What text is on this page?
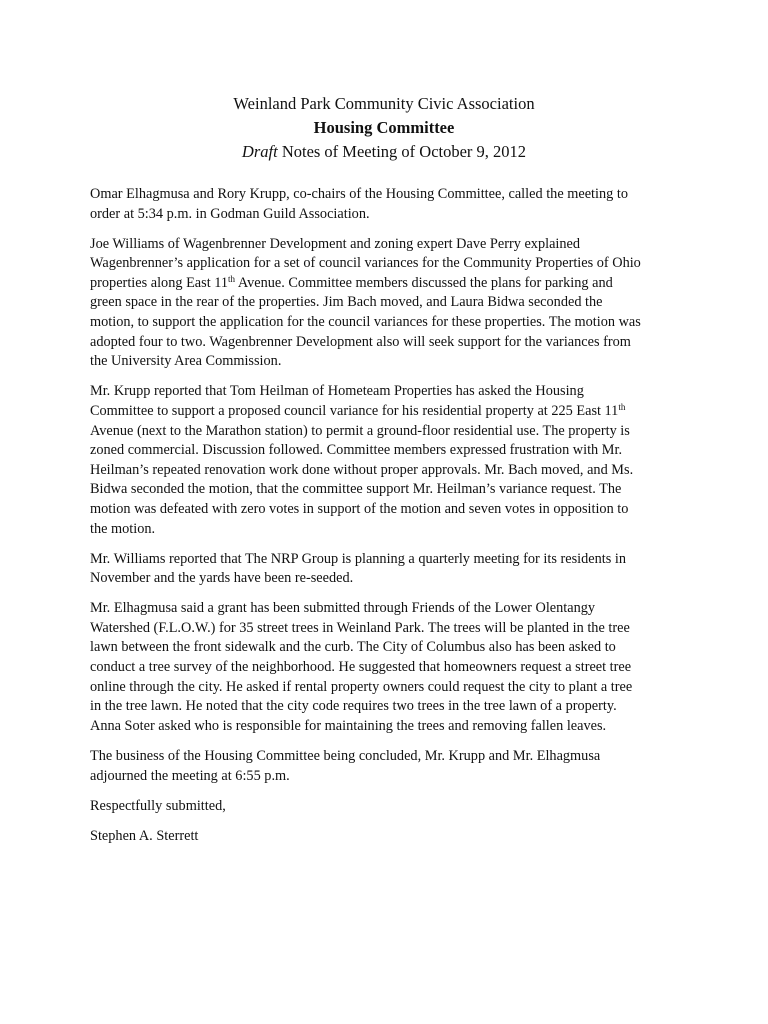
Weinland Park Community Civic Association
Housing Committee
Draft Notes of Meeting of October 9, 2012

Omar Elhagmusa and Rory Krupp, co-chairs of the Housing Committee, called the meeting to
order at 5:34 p.m. in Godman Guild Association.

Joe Williams of Wagenbrenner Development and zoning expert Dave Perry explained
Wagenbrenner’s application for a set of council variances for the Community Properties of Ohio
properties along East 11th Avenue. Committee members discussed the plans for parking and
green space in the rear of the properties. Jim Bach moved, and Laura Bidwa seconded the
motion, to support the application for the council variances for these properties. The motion was
adopted four to two. Wagenbrenner Development also will seek support for the variances from
the University Area Commission.

Mr. Krupp reported that Tom Heilman of Hometeam Properties has asked the Housing
Committee to support a proposed council variance for his residential property at 225 East 11th
Avenue (next to the Marathon station) to permit a ground-floor residential use. The property is
zoned commercial. Discussion followed. Committee members expressed frustration with Mr.
Heilman’s repeated renovation work done without proper approvals. Mr. Bach moved, and Ms.
Bidwa seconded the motion, that the committee support Mr. Heilman’s variance request. The
motion was defeated with zero votes in support of the motion and seven votes in opposition to
the motion.

Mr. Williams reported that The NRP Group is planning a quarterly meeting for its residents in
November and the yards have been re-seeded.

Mr. Elhagmusa said a grant has been submitted through Friends of the Lower Olentangy
Watershed (F.L.O.W.) for 35 street trees in Weinland Park. The trees will be planted in the tree
lawn between the front sidewalk and the curb. The City of Columbus also has been asked to
conduct a tree survey of the neighborhood. He suggested that homeowners request a street tree
online through the city. He asked if rental property owners could request the city to plant a tree
in the tree lawn. He noted that the city code requires two trees in the tree lawn of a property.
Anna Soter asked who is responsible for maintaining the trees and removing fallen leaves.

The business of the Housing Committee being concluded, Mr. Krupp and Mr. Elhagmusa
adjourned the meeting at 6:55 p.m.

Respectfully submitted,

Stephen A. Sterrett
